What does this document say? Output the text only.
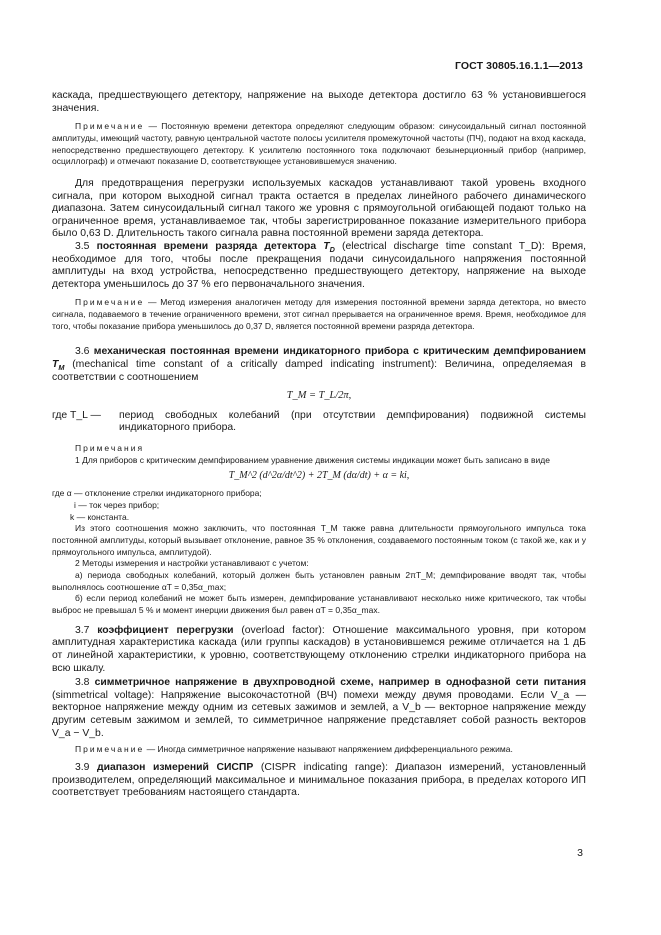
ГОСТ 30805.16.1.1—2013

каскада, предшествующего детектору, напряжение на выходе детектора достигло 63 % установившегося значения.

Примечание — Постоянную времени детектора определяют следующим образом: синусоидальный сигнал постоянной амплитуды, имеющий частоту, равную центральной частоте полосы усилителя промежуточной частоты (ПЧ), подают на вход каскада, непосредственно предшествующего детектору. К усилителю постоянного тока подключают безынерционный прибор (например, осциллограф) и отмечают показание D, соответствующее установившемуся значению.

Для предотвращения перегрузки используемых каскадов устанавливают такой уровень входного сигнала, при котором выходной сигнал тракта остается в пределах линейного рабочего динамического диапазона. Затем синусоидальный сигнал такого же уровня с прямоугольной огибающей подают только на ограниченное время, устанавливаемое так, чтобы зарегистрированное показание измерительного прибора было 0,63 D. Длительность такого сигнала равна постоянной времени заряда детектора.

3.5 постоянная времени разряда детектора $T_D$ (electrical discharge time constant T_D): Время, необходимое для того, чтобы после прекращения подачи синусоидального напряжения постоянной амплитуды на вход устройства, непосредственно предшествующего детектору, напряжение на выходе детектора уменьшилось до 37 % его первоначального значения.

Примечание — Метод измерения аналогичен методу для измерения постоянной времени заряда детектора, но вместо сигнала, подаваемого в течение ограниченного времени, этот сигнал прерывается на ограниченное время. Время, необходимое для того, чтобы показание прибора уменьшилось до 0,37 D, является постоянной времени разряда детектора.

3.6 механическая постоянная времени индикаторного прибора с критическим демпфированием $T_M$ (mechanical time constant of a critically damped indicating instrument): Величина, определяемая в соответствии с соотношением

T_M = T_L/2π,

где T_L — период свободных колебаний (при отсутствии демпфирования) подвижной системы индикаторного прибора.

Примечания

1 Для приборов с критическим демпфированием уравнение движения системы индикации может быть записано в виде

T_M^2 (d^2α/dt^2) + 2T_M (dα/dt) + α = ki,

где α — отклонение стрелки индикаторного прибора;

i — ток через прибор;

k — константа.

Из этого соотношения можно заключить, что постоянная T_M также равна длительности прямоугольного импульса тока постоянной амплитуды, который вызывает отклонение, равное 35 % отклонения, создаваемого постоянным током (с такой же, как и у прямоугольного импульса, амплитудой).

2 Методы измерения и настройки устанавливают с учетом:

а) периода свободных колебаний, который должен быть установлен равным 2πT_M; демпфирование вводят так, чтобы выполнялось соотношение αT = 0,35α_max;

б) если период колебаний не может быть измерен, демпфирование устанавливают несколько ниже критического, так чтобы выброс не превышал 5 % и момент инерции движения был равен αT = 0,35α_max.

3.7 коэффициент перегрузки (overload factor): Отношение максимального уровня, при котором амплитудная характеристика каскада (или группы каскадов) в установившемся режиме отличается на 1 дБ от линейной характеристики, к уровню, соответствующему отклонению стрелки индикаторного прибора на всю шкалу.

3.8 симметричное напряжение в двухпроводной схеме, например в однофазной сети питания (simmetrical voltage): Напряжение высокочастотной (ВЧ) помехи между двумя проводами. Если V_a — векторное напряжение между одним из сетевых зажимов и землей, а V_b — векторное напряжение между другим сетевым зажимом и землей, то симметричное напряжение представляет собой разность векторов V_a − V_b.

Примечание — Иногда симметричное напряжение называют напряжением дифференциального режима.

3.9 диапазон измерений СИСПР (CISPR indicating range): Диапазон измерений, установленный производителем, определяющий максимальное и минимальное показания прибора, в пределах которого ИП соответствует требованиям настоящего стандарта.

3
